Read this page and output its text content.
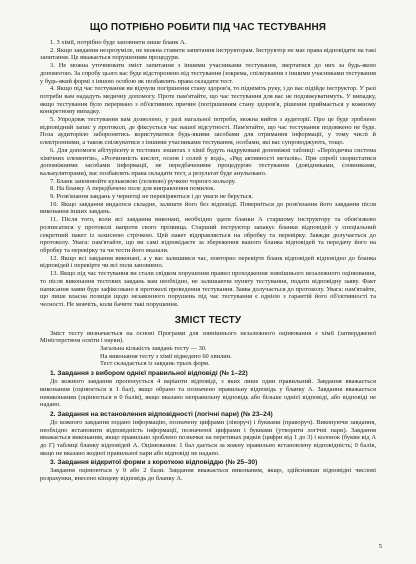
ЩО ПОТРІБНО РОБИТИ ПІД ЧАС ТЕСТУВАННЯ

1. З хімії, потрібно буде заповнити лише бланк А.

2. Якщо завдання незрозуміле, не можна ставити запитання інструкторам. Інструктор не має права відповідати на такі запитання. Це вважається порушенням процедури.

3. Не можна уточнювати зміст запитання з іншими учасниками тестування, звертатися до них за будь-якою допомогою. За спробу цього вас буде відсторонено від тестування (зокрема, спілкування з іншими учасниками тестування у будь-який формі з іншою особою як позбавлять права складати тест.

4. Якщо під час тестування ви відчули погіршення стану здоров'я, то підніміть руку, і до вас підійде інструктор. У разі потреби вам нададуть медичну допомогу. Проте пам'ятайте, що час тестування для вас не подовжуватимуть. У випадку, якщо тестування було перервано з об'єктивних причин (погіршенням стану здоров'я, рішення приймається у кожному конкретному випадку.

5. Упродовж тестування вам дозволено, у разі нагальної потреби, можна вийти з аудиторії. Про це буде зроблено відповідний запис у протоколі, де фіксується час вашої відсутності. Пам'ятайте, що час тестування подовжено не буде. Поза аудиторією заборонятись користуватися будь-якими засобами для отримання інформації, у тому числі й електронними, а також спілкуватися з іншими учасниками тестування, особами, які вас супроводжують, тощо.

6. Для допомоги абітурієнту в тестових зошитах з хімії будуть надруковані допоміжні таблиці: «Періодична система хімічних елементів», «Розчинність кислот, основ і солей у воді», «Ряд активності металів». При спробі скористатися допоміжними засобами інформації, не передбаченими процедурою тестування (довідниками, словниками, калькуляторами), вас позбавлять права складати тест, а результат буде анульовано.

7. Бланк заповнюйте кульковою (гелевою) ручкою чорного кольору.

8. На бланку А передбачено поле для виправлення помилок.

9. Розв'язання завдань у чернетці не перевіряються і до уваги не беруться.

10. Якщо завдання видалося складне, залиште його без відповіді. Поверніться до розв'язання його завдання після виконання інших завдань.

11. Після того, коли всі завдання виконані, необхідно здати бланки А старшому інструктору та обов'язково розписатися у протоколі напроти свого прізвища. Старший інструктор запакує бланки відповідей у спеціальний секретний пакет із захисною стрічкою. Цей пакет відправляється на обробку та перевірку. Завжди долучається до протоколу. Увага: пам'ятайте, що ви самі відповідаєте за збереження вашого бланка відповідей та передачу його на обробку та перевірку та чи тести його вказали.

12. Якщо всі завдання виконані, а у вас залишився час, повторно перевірте бланк відповідей відповідно до бланка відповідей і перевірте чи всі поля заповнено.

13. Якщо під час тестування ви стали свідком порушення правил проходження зовнішнього незалежного оцінювання, то після виконання тестових завдань вам необхідно, не залишаючи пункту тестування, подати відповідну заяву. Факт написання заяви буде зафіксовано в протоколі проведення тестування. Заява долучається до протоколу. Увага: пам'ятайте, що лише власна позиція щодо незаконного порушень під час тестування є однією з гарантій його об'єктивності та чесності. Не мовчіть, коли бачите такі порушення.

ЗМІСТ ТЕСТУ

Зміст тесту визначається на основі Програми для зовнішнього незалежного оцінювання з хімії (затвердженої Міністерством освіти і науки).

Загальна кількість завдань тесту — 30.

На виконання тесту з хімії відведено 60 хвилин.

Тест складається із завдань трьох форм.

1. Завдання з вибором однієї правильної відповіді (№ 1–22)

До кожного завдання пропонується 4 варіанти відповіді, з яких лише один правильний. Завдання вважається виконаним (оцінюється в 1 бал), якщо обрано та позначено правильну відповідь у бланку А. Завдання вважається невиконаним (оцінюється в 0 балів), якщо вказано неправильну відповідь або більше однієї відповіді, або відповіді не надано.

2. Завдання на встановлення відповідності (логічні пари) (№ 23–24)

До кожного завдання подано інформацію, позначену цифрами (ліворуч) і буквами (праворуч). Виконуючи завдання, необхідно встановити відповідність інформації, позначеної цифрами і буквами (утворити логічні пари). Завдання вважається виконаним, якщо правильно зроблено позначки на перетинах рядків (цифри від 1 до 3) і колонок (букви від А до Г) таблиці бланку відповідей А. Оцінювання: 1 бал дається за кожну правильно встановлену відповідність; 0 балів, якщо не вказано жодної правильної пари або відповіді не надано.

3. Завдання відкритої форми з короткою відповіддю (№ 25–30)

Завдання оцінюються у 0 або 2 бали. Завдання вважається виконаним, якщо, здійснивши відповідні числові розрахунки, внесено кінцеву відповідь до бланку А.

5
